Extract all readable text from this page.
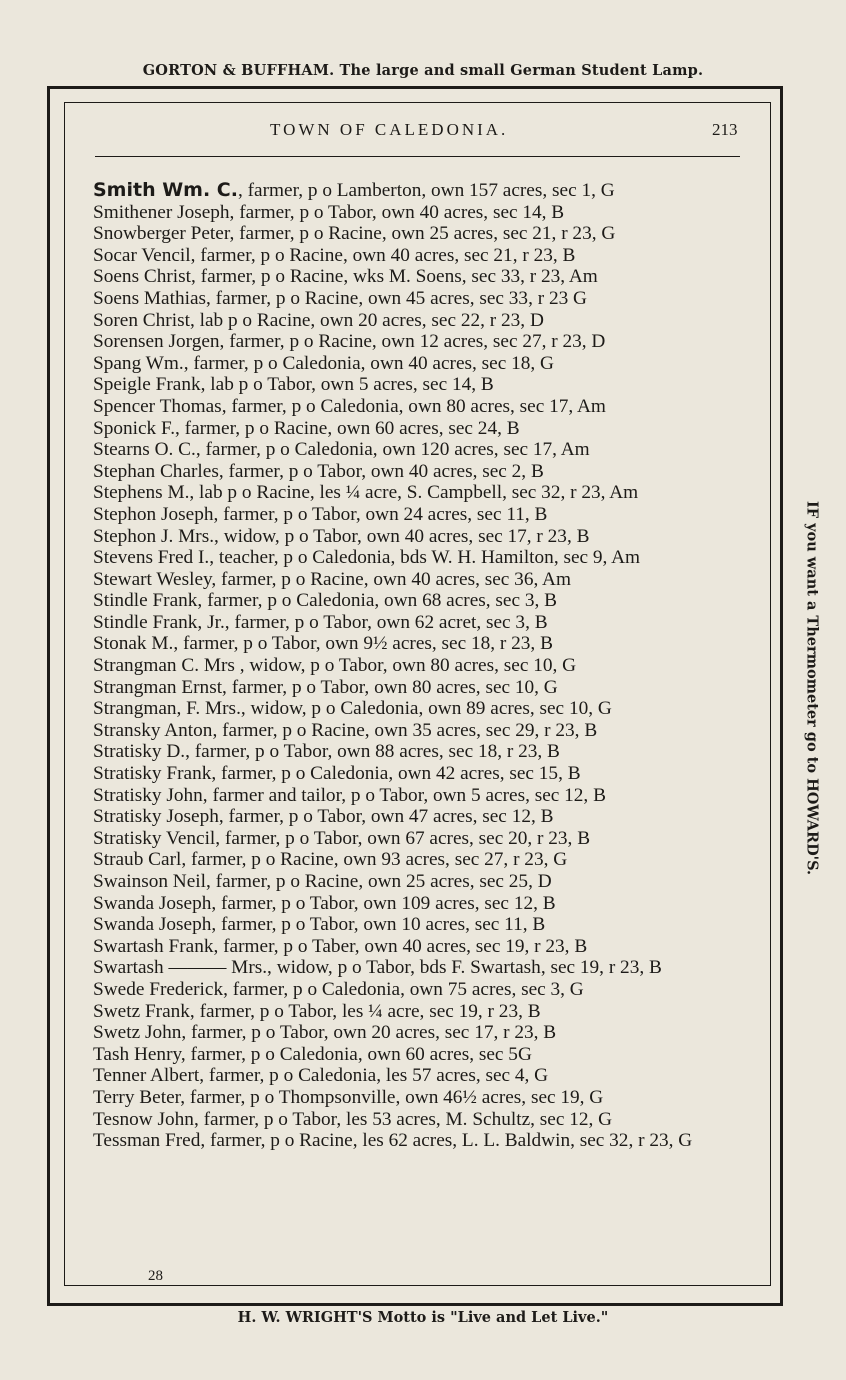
GORTON & BUFFHAM. The large and small German Student Lamp.
IF you want a Thermometer go to HOWARD'S.
H. W. WRIGHT'S Motto is "Live and Let Live."
TOWN OF CALEDONIA.	213
Smith Wm. C., farmer, p o Lamberton, own 157 acres, sec 1, G
Smithener Joseph, farmer, p o Tabor, own 40 acres, sec 14, B
Snowberger Peter, farmer, p o Racine, own 25 acres, sec 21, r 23, G
Socar Vencil, farmer, p o Racine, own 40 acres, sec 21, r 23, B
Soens Christ, farmer, p o Racine, wks M. Soens, sec 33, r 23, Am
Soens Mathias, farmer, p o Racine, own 45 acres, sec 33, r 23 G
Soren Christ, lab p o Racine, own 20 acres, sec 22, r 23, D
Sorensen Jorgen, farmer, p o Racine, own 12 acres, sec 27, r 23, D
Spang Wm., farmer, p o Caledonia, own 40 acres, sec 18, G
Speigle Frank, lab p o Tabor, own 5 acres, sec 14, B
Spencer Thomas, farmer, p o Caledonia, own 80 acres, sec 17, Am
Sponick F., farmer, p o Racine, own 60 acres, sec 24, B
Stearns O. C., farmer, p o Caledonia, own 120 acres, sec 17, Am
Stephan Charles, farmer, p o Tabor, own 40 acres, sec 2, B
Stephens M., lab p o Racine, les ¼ acre, S. Campbell, sec 32, r 23, Am
Stephon Joseph, farmer, p o Tabor, own 24 acres, sec 11, B
Stephon J. Mrs., widow, p o Tabor, own 40 acres, sec 17, r 23, B
Stevens Fred I., teacher, p o Caledonia, bds W. H. Hamilton, sec 9, Am
Stewart Wesley, farmer, p o Racine, own 40 acres, sec 36, Am
Stindle Frank, farmer, p o Caledonia, own 68 acres, sec 3, B
Stindle Frank, Jr., farmer, p o Tabor, own 62 acret, sec 3, B
Stonak M., farmer, p o Tabor, own 9½ acres, sec 18, r 23, B
Strangman C. Mrs , widow, p o Tabor, own 80 acres, sec 10, G
Strangman Ernst, farmer, p o Tabor, own 80 acres, sec 10, G
Strangman, F. Mrs., widow, p o Caledonia, own 89 acres, sec 10, G
Stransky Anton, farmer, p o Racine, own 35 acres, sec 29, r 23, B
Stratisky D., farmer, p o Tabor, own 88 acres, sec 18, r 23, B
Stratisky Frank, farmer, p o Caledonia, own 42 acres, sec 15, B
Stratisky John, farmer and tailor, p o Tabor, own 5 acres, sec 12, B
Stratisky Joseph, farmer, p o Tabor, own 47 acres, sec 12, B
Stratisky Vencil, farmer, p o Tabor, own 67 acres, sec 20, r 23, B
Straub Carl, farmer, p o Racine, own 93 acres, sec 27, r 23, G
Swainson Neil, farmer, p o Racine, own 25 acres, sec 25, D
Swanda Joseph, farmer, p o Tabor, own 109 acres, sec 12, B
Swanda Joseph, farmer, p o Tabor, own 10 acres, sec 11, B
Swartash Frank, farmer, p o Taber, own 40 acres, sec 19, r 23, B
Swartash ——— Mrs., widow, p o Tabor, bds F. Swartash, sec 19, r 23, B
Swede Frederick, farmer, p o Caledonia, own 75 acres, sec 3, G
Swetz Frank, farmer, p o Tabor, les ¼ acre, sec 19, r 23, B
Swetz John, farmer, p o Tabor, own 20 acres, sec 17, r 23, B
Tash Henry, farmer, p o Caledonia, own 60 acres, sec 5G
Tenner Albert, farmer, p o Caledonia, les 57 acres, sec 4, G
Terry Beter, farmer, p o Thompsonville, own 46½ acres, sec 19, G
Tesnow John, farmer, p o Tabor, les 53 acres, M. Schultz, sec 12, G
Tessman Fred, farmer, p o Racine, les 62 acres, L. L. Baldwin, sec 32, r 23, G
28
